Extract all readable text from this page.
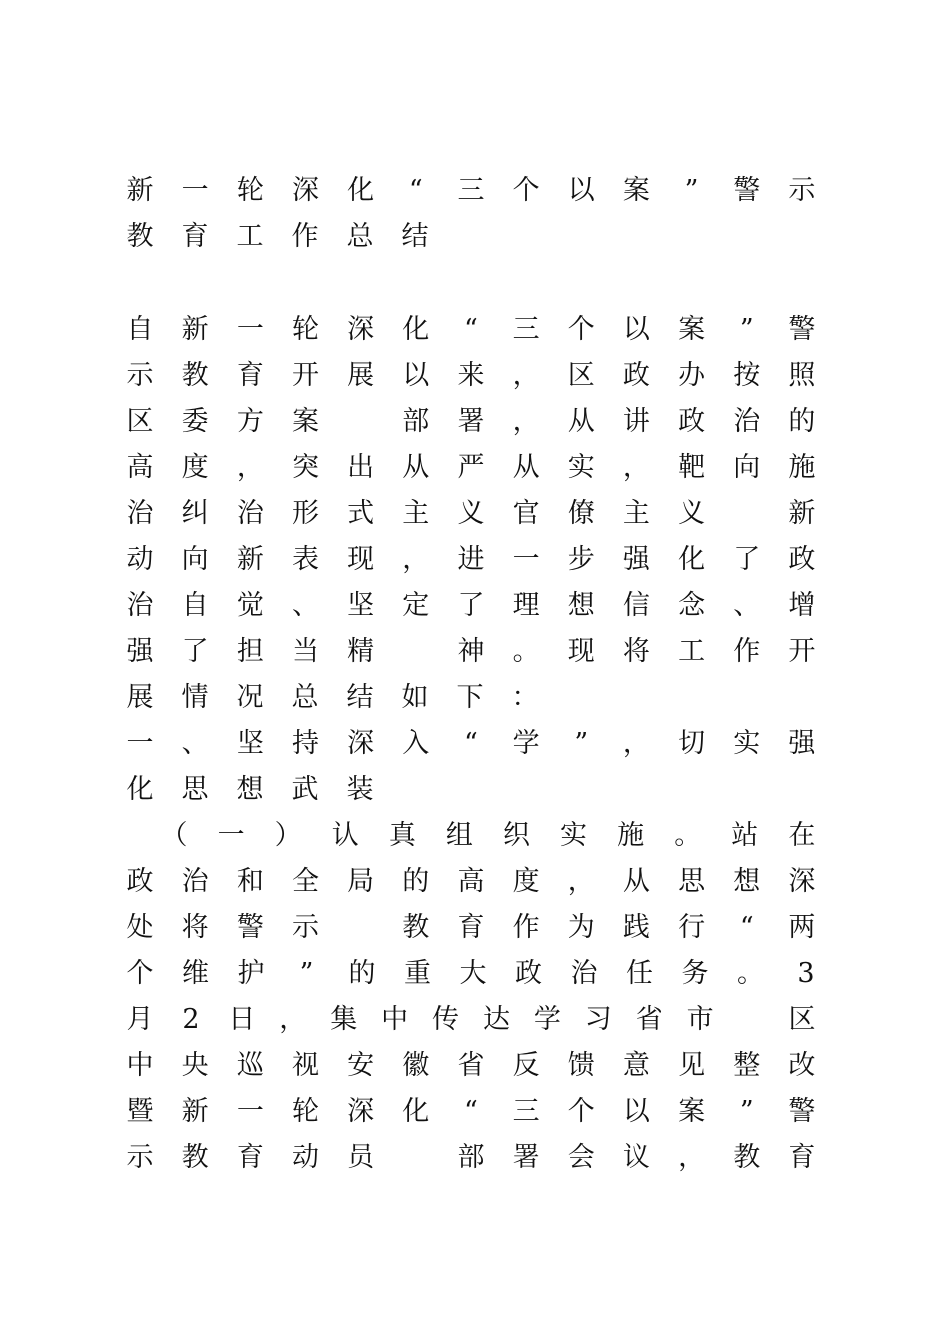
新 一 轮 深 化 “ 三 个 以 案 ” 警 示
教 育 工 作 总 结
自 新 一 轮 深 化 “ 三 个 以 案 ” 警
示 教 育 开 展 以 来 ， 区 政 办 按 照
区 委 方 案
	部 署 ， 从 讲 政 治 的
高 度 ， 突 出 从 严 从 实 ， 靶 向 施
治 纠 治 形 式 主 义 官 僚 主 义
	新
动 向 新 表 现 ， 进 一 步 强 化 了 政
治 自 觉 、 坚 定 了 理 想 信 念 、 增
强 了 担 当 精
	神 。 现 将 工 作 开
展 情 况 总 结 如 下 ：
一 、 坚 持 深 入 “ 学 ” ， 切 实 强
化 思 想 武 装
（ 一 ） 认 真 组 织 实 施 。 站 在
政 治 和 全 局 的 高 度 ， 从 思 想 深
处 将 警 示
	教 育 作 为 践 行 “ 两
个 维 护 ” 的 重 大 政 治 任 务 。 3
月 2 日 ， 集 中 传 达 学 习 省 市
	区
中 央 巡 视 安 徽 省 反 馈 意 见 整 改
暨 新 一 轮 深 化 “ 三 个 以 案 ” 警
示 教 育 动 员
	部 署 会 议 ， 教 育
